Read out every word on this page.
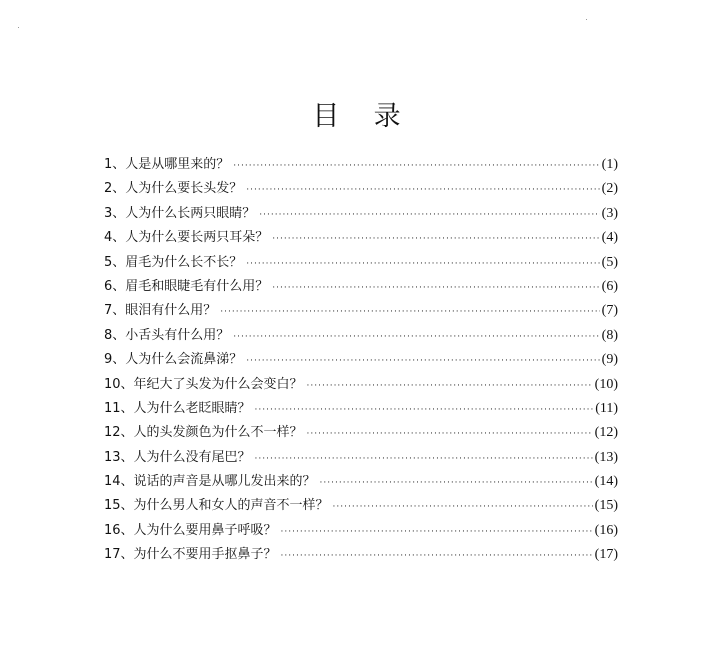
目    录
1、人是从哪里来的？ ·····	(1)
2、人为什么要长头发？ ·····	(2)
3、人为什么长两只眼睛？ ·····	(3)
4、人为什么要长两只耳朵？ ·····	(4)
5、眉毛为什么长不长？ ·····	(5)
6、眉毛和眼睫毛有什么用？ ·····	(6)
7、眼泪有什么用？ ·····	(7)
8、小舌头有什么用？ ·····	(8)
9、人为什么会流鼻涕？ ·····	(9)
10、年纪大了头发为什么会变白？ ·····	(10)
11、人为什么老眨眼睛？ ·····	(11)
12、人的头发颜色为什么不一样？ ·····	(12)
13、人为什么没有尾巴？ ·····	(13)
14、说话的声音是从哪儿发出来的？ ·····	(14)
15、为什么男人和女人的声音不一样？ ·····	(15)
16、人为什么要用鼻子呼吸？ ·····	(16)
17、为什么不要用手抠鼻子？ ·····	(17)
